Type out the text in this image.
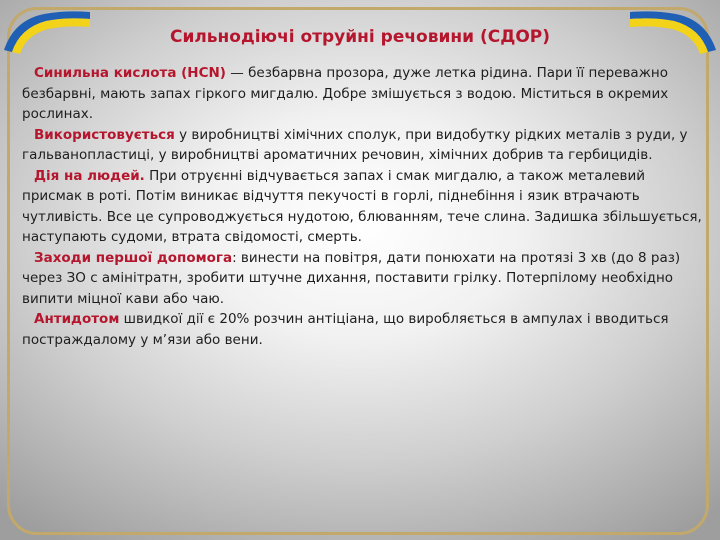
Сильнодіючі отруйні речовини (СДОР)

Синильна кислота (HCN) — безбарвна прозора, дуже летка рідина. Пари її переважно безбарвні, мають запах гіркого мигдалю. Добре змішується з водою. Міститься в окремих рослинах.

Використовується у виробництві хімічних сполук, при видобутку рідких металів з руди, у гальванопластиці, у виробництві ароматичних речовин, хімічних добрив та гербицидів.

Дія на людей. При отруєнні відчувається запах і смак мигдалю, а також металевий присмак в роті. Потім виникає відчуття пекучості в горлі, піднебіння і язик втрачають чутливість. Все це супроводжується нудотою, блюванням, тече слина. Задишка збільшується, наступають судоми, втрата свідомості, смерть.

Заходи першої допомога: винести на повітря, дати понюхати на протязі 3 хв (до 8 раз) через ЗО с амінітратн, зробити штучне дихання, поставити грілку. Потерпілому необхідно випити міцної кави або чаю.

Антидотом швидкої дії є 20% розчин антіціана, що виробляється в ампулах і вводиться постраждалому у м’язи або вени.
